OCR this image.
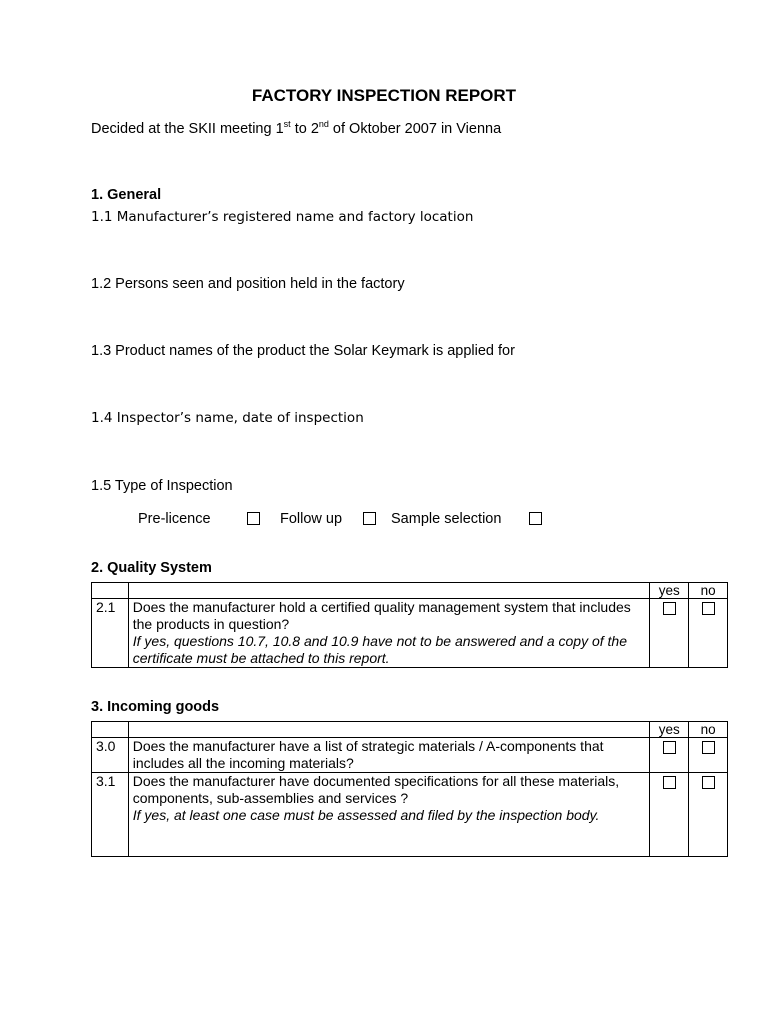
FACTORY INSPECTION REPORT
Decided at the SKII meeting 1st to 2nd of Oktober 2007 in Vienna
1. General
1.1 Manufacturer’s registered name and factory location
1.2 Persons seen and position held in the factory
1.3 Product names of the product the Solar Keymark is applied for
1.4 Inspector’s name, date of inspection
1.5 Type of Inspection
Pre-licence	Follow up	Sample selection
2. Quality System
		yes	no
2.1	Does the manufacturer hold a certified quality management system that includes the products in question?
If yes, questions 10.7, 10.8 and 10.9 have not to be answered and a copy of the certificate must be attached to this report.		

3. Incoming goods
		yes	no
3.0	Does the manufacturer have a list of strategic materials / A-components that includes all the incoming materials?		

3.1	Does the manufacturer have documented specifications for all these materials, components, sub-assemblies and services ?
If yes, at least one case must be assessed and filed by the inspection body.		
